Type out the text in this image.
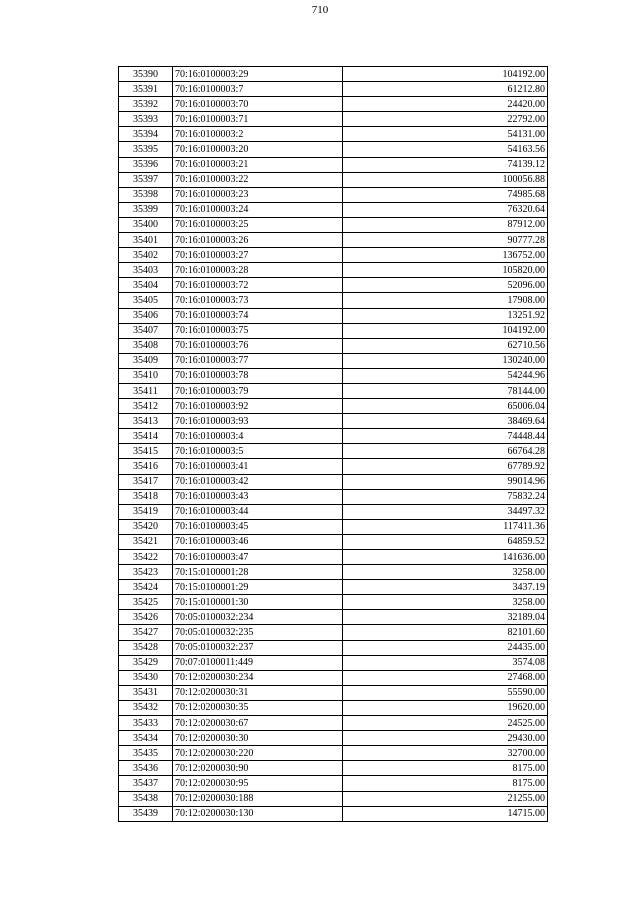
710
35390	70:16:0100003:29	104192.00
35391	70:16:0100003:7	61212.80
35392	70:16:0100003:70	24420.00
35393	70:16:0100003:71	22792.00
35394	70:16:0100003:2	54131.00
35395	70:16:0100003:20	54163.56
35396	70:16:0100003:21	74139.12
35397	70:16:0100003:22	100056.88
35398	70:16:0100003:23	74985.68
35399	70:16:0100003:24	76320.64
35400	70:16:0100003:25	87912.00
35401	70:16:0100003:26	90777.28
35402	70:16:0100003:27	136752.00
35403	70:16:0100003:28	105820.00
35404	70:16:0100003:72	52096.00
35405	70:16:0100003:73	17908.00
35406	70:16:0100003:74	13251.92
35407	70:16:0100003:75	104192.00
35408	70:16:0100003:76	62710.56
35409	70:16:0100003:77	130240.00
35410	70:16:0100003:78	54244.96
35411	70:16:0100003:79	78144.00
35412	70:16:0100003:92	65006.04
35413	70:16:0100003:93	38469.64
35414	70:16:0100003:4	74448.44
35415	70:16:0100003:5	66764.28
35416	70:16:0100003:41	67789.92
35417	70:16:0100003:42	99014.96
35418	70:16:0100003:43	75832.24
35419	70:16:0100003:44	34497.32
35420	70:16:0100003:45	117411.36
35421	70:16:0100003:46	64859.52
35422	70:16:0100003:47	141636.00
35423	70:15:0100001:28	3258.00
35424	70:15:0100001:29	3437.19
35425	70:15:0100001:30	3258.00
35426	70:05:0100032:234	32189.04
35427	70:05:0100032:235	82101.60
35428	70:05:0100032:237	24435.00
35429	70:07:0100011:449	3574.08
35430	70:12:0200030:234	27468.00
35431	70:12:0200030:31	55590.00
35432	70:12:0200030:35	19620.00
35433	70:12:0200030:67	24525.00
35434	70:12:0200030:30	29430.00
35435	70:12:0200030:220	32700.00
35436	70:12:0200030:90	8175.00
35437	70:12:0200030:95	8175.00
35438	70:12:0200030:188	21255.00
35439	70:12:0200030:130	14715.00
